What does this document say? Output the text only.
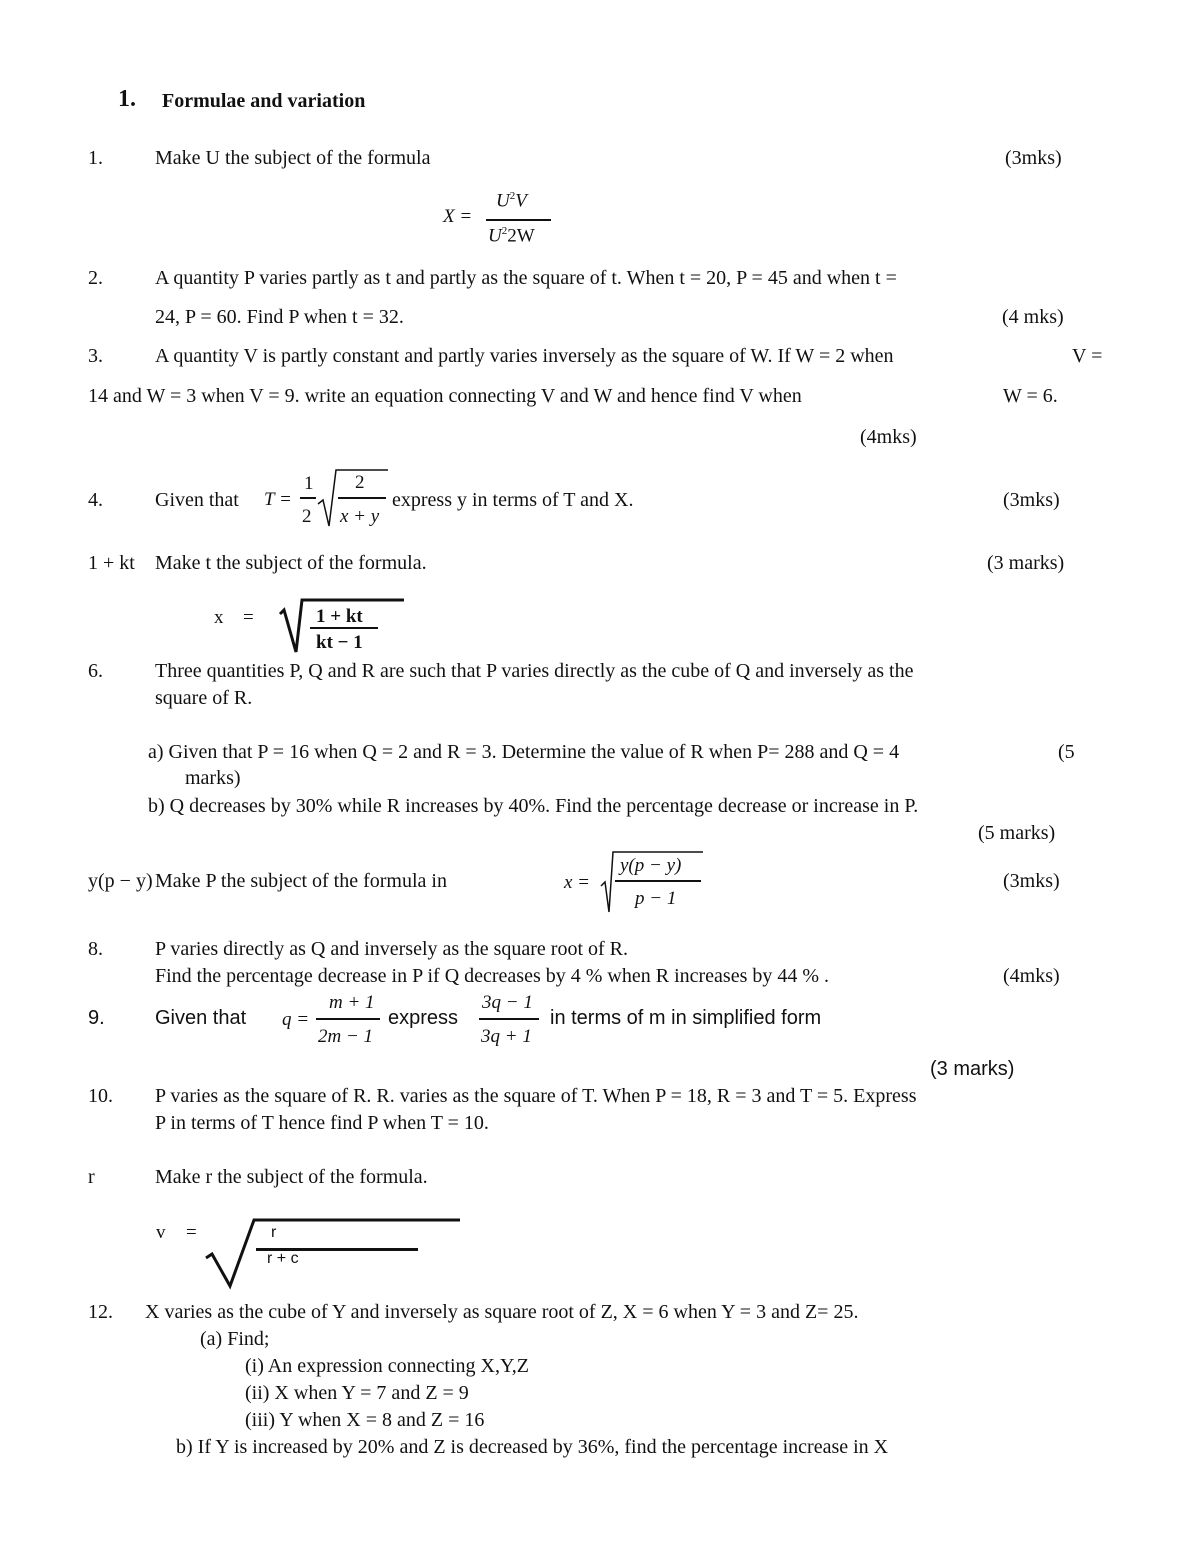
1. Formulae and variation
1.	Make U the subject of the formula	(3mks)
X =
$U^2V$
$U^22W$
2.	A quantity P varies partly as t and partly as the square of t. When t = 20, P = 45 and when t =
24, P = 60. Find P when t = 32.	(4 mks)
3.	A quantity V is partly constant and partly varies inversely as the square of W. If W = 2 when	V =
14 and W = 3 when V = 9. write an equation connecting V and W and hence find V when	W = 6.
(4mks)
4.	Given that T =
1
2
2
x + y
express y in terms of T and X.	(3mks)
1 + kt Make t the subject of the formula.	(3 marks)
x =	1 + kt
kt − 1
6.	Three quantities P, Q and R are such that P varies directly as the cube of Q and inversely as the
square of R.
a) Given that P = 16 when Q = 2 and R = 3. Determine the value of R when P= 288 and Q = 4	(5
marks)
b) Q decreases by 30% while R increases by 40%. Find the percentage decrease or increase in P.
(5 marks)
y(p − y) Make P the subject of the formula in	x =
y(p − y)
p − 1
(3mks)
8.	P varies directly as Q and inversely as the square root of R.
Find the percentage decrease in P if Q decreases by 4 % when R increases by 44 % .	(4mks)
9.	Given that q =
m + 1
2m − 1
express
3q − 1
3q + 1
in terms of m in simplified form
(3 marks)
10. P varies as the square of R. R. varies as the square of T. When P = 18, R = 3 and T = 5. Express
P in terms of T hence find P when T = 10.
r	Make r the subject of the formula.
v =	r
r + c
12. X varies as the cube of Y and inversely as square root of Z, X = 6 when Y = 3 and Z= 25.
(a) Find;
(i) An expression connecting X,Y,Z
(ii) X when Y = 7 and Z = 9
(iii) Y when X = 8 and Z = 16
b) If Y is increased by 20% and Z is decreased by 36%, find the percentage increase in X
